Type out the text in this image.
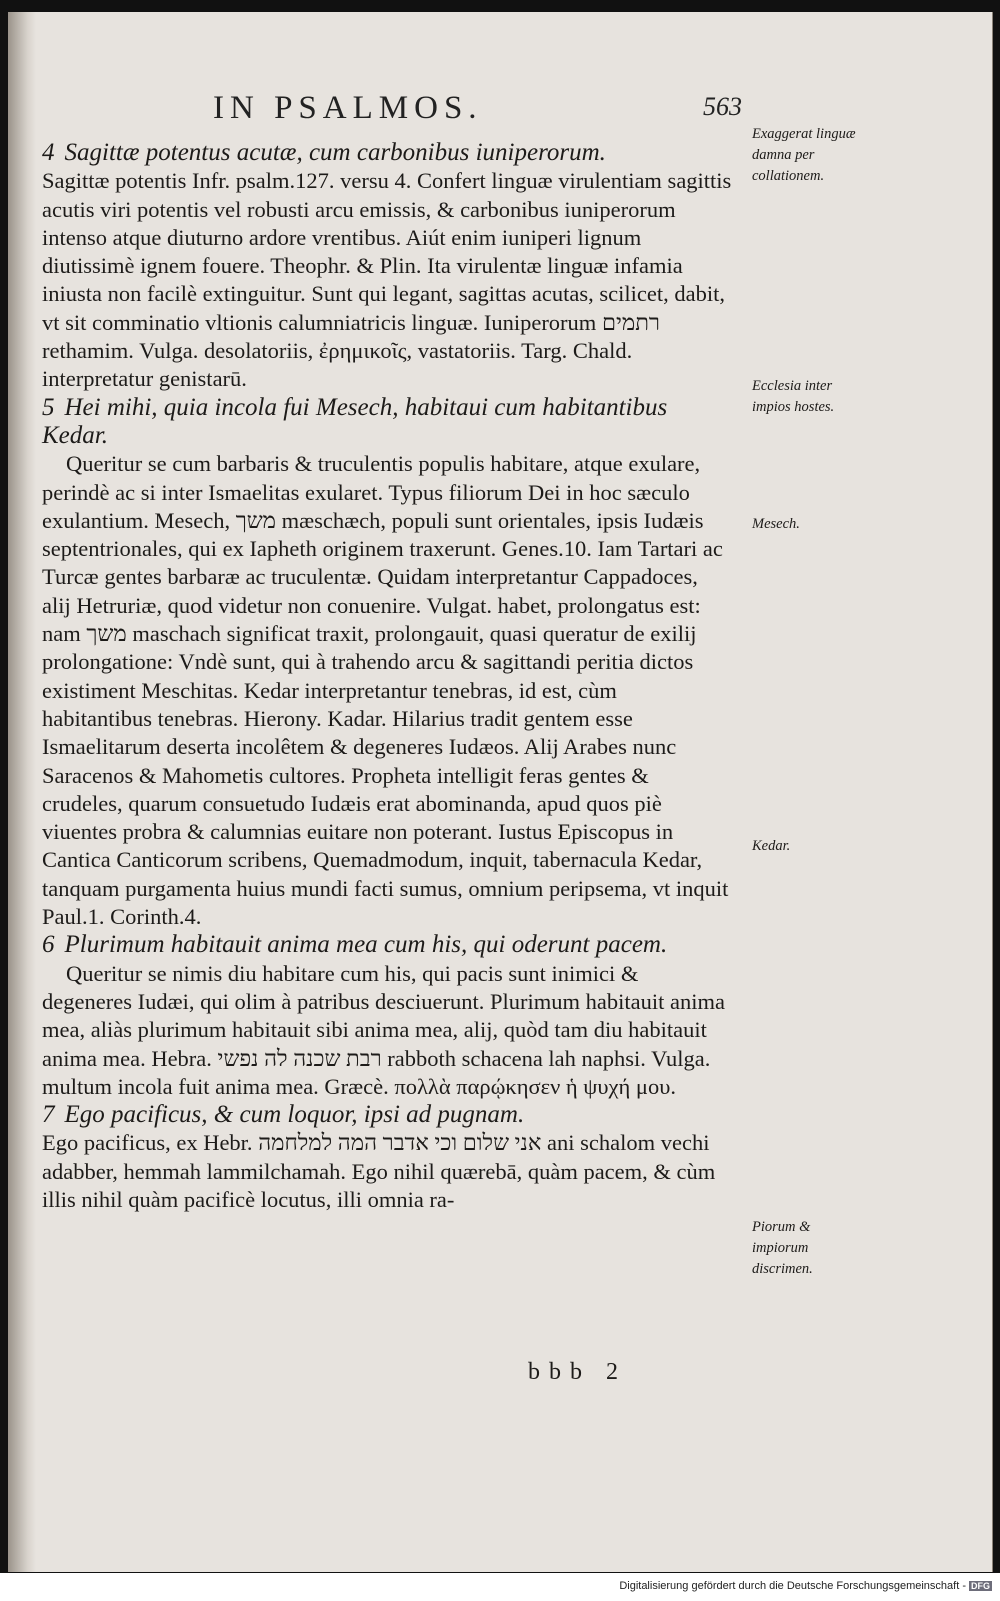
IN PSALMOS.	563

4 Sagittæ potentus acutæ, cum carbonibus iuniperorum.

Sagittæ potentis Infr. psalm.127. versu 4. Confert linguæ virulentiam sagittis acutis viri potentis vel robusti arcu emissis, & carbonibus iuniperorum intenso atque diuturno ardore vrentibus. Aiút enim iuniperi lignum diutissimè ignem fouere. Theophr. & Plin. Ita virulentæ linguæ infamia iniusta non facilè extinguitur. Sunt qui legant, sagittas acutas, scilicet, dabit, vt sit comminatio vltionis calumniatricis linguæ. Iuniperorum רתמים rethamim. Vulga. desolatoriis, ἐρημικοῖς, vastatoriis. Targ. Chald. interpretatur genistarū.

5 Hei mihi, quia incola fui Mesech, habitaui cum habitantibus Kedar.

Queritur se cum barbaris & truculentis populis habitare, atque exulare, perindè ac si inter Ismaelitas exularet. Typus filiorum Dei in hoc sæculo exulantium. Mesech, משך mæschæch, populi sunt orientales, ipsis Iudæis septentrionales, qui ex Iapheth originem traxerunt. Genes.10. Iam Tartari ac Turcæ gentes barbaræ ac truculentæ. Quidam interpretantur Cappadoces, alij Hetruriæ, quod videtur non conuenire. Vulgat. habet, prolongatus est: nam משך maschach significat traxit, prolongauit, quasi queratur de exilij prolongatione: Vndè sunt, qui à trahendo arcu & sagittandi peritia dictos existiment Meschitas. Kedar interpretantur tenebras, id est, cùm habitantibus tenebras. Hierony. Kadar. Hilarius tradit gentem esse Ismaelitarum deserta incolêtem & degeneres Iudæos. Alij Arabes nunc Saracenos & Mahometis cultores. Propheta intelligit feras gentes & crudeles, quarum consuetudo Iudæis erat abominanda, apud quos piè viuentes probra & calumnias euitare non poterant. Iustus Episcopus in Cantica Canticorum scribens, Quemadmodum, inquit, tabernacula Kedar, tanquam purgamenta huius mundi facti sumus, omnium peripsema, vt inquit Paul.1. Corinth.4.

6 Plurimum habitauit anima mea cum his, qui oderunt pacem.

Queritur se nimis diu habitare cum his, qui pacis sunt inimici & degeneres Iudæi, qui olim à patribus desciuerunt. Plurimum habitauit anima mea, aliàs plurimum habitauit sibi anima mea, alij, quòd tam diu habitauit anima mea. Hebra. רבת שכנה לה נפשי rabboth schacena lah naphsi. Vulga. multum incola fuit anima mea. Græcè. πολλὰ παρῴκησεν ἡ ψυχή μου.

7 Ego pacificus, & cum loquor, ipsi ad pugnam.

Ego pacificus, ex Hebr. אני שלום וכי אדבר המה למלחמה ani schalom vechi adabber, hemmah lammilchamah. Ego nihil quærebā, quàm pacem, & cùm illis nihil quàm pacificè locutus, illi omnia ra-

bbb 2
Exaggerat linguæ damna per collationem.
Ecclesia inter impios hostes.
Mesech.
Kedar.
Piorum & impiorum discrimen.
Digitalisierung gefördert durch die Deutsche Forschungsgemeinschaft - DFG
